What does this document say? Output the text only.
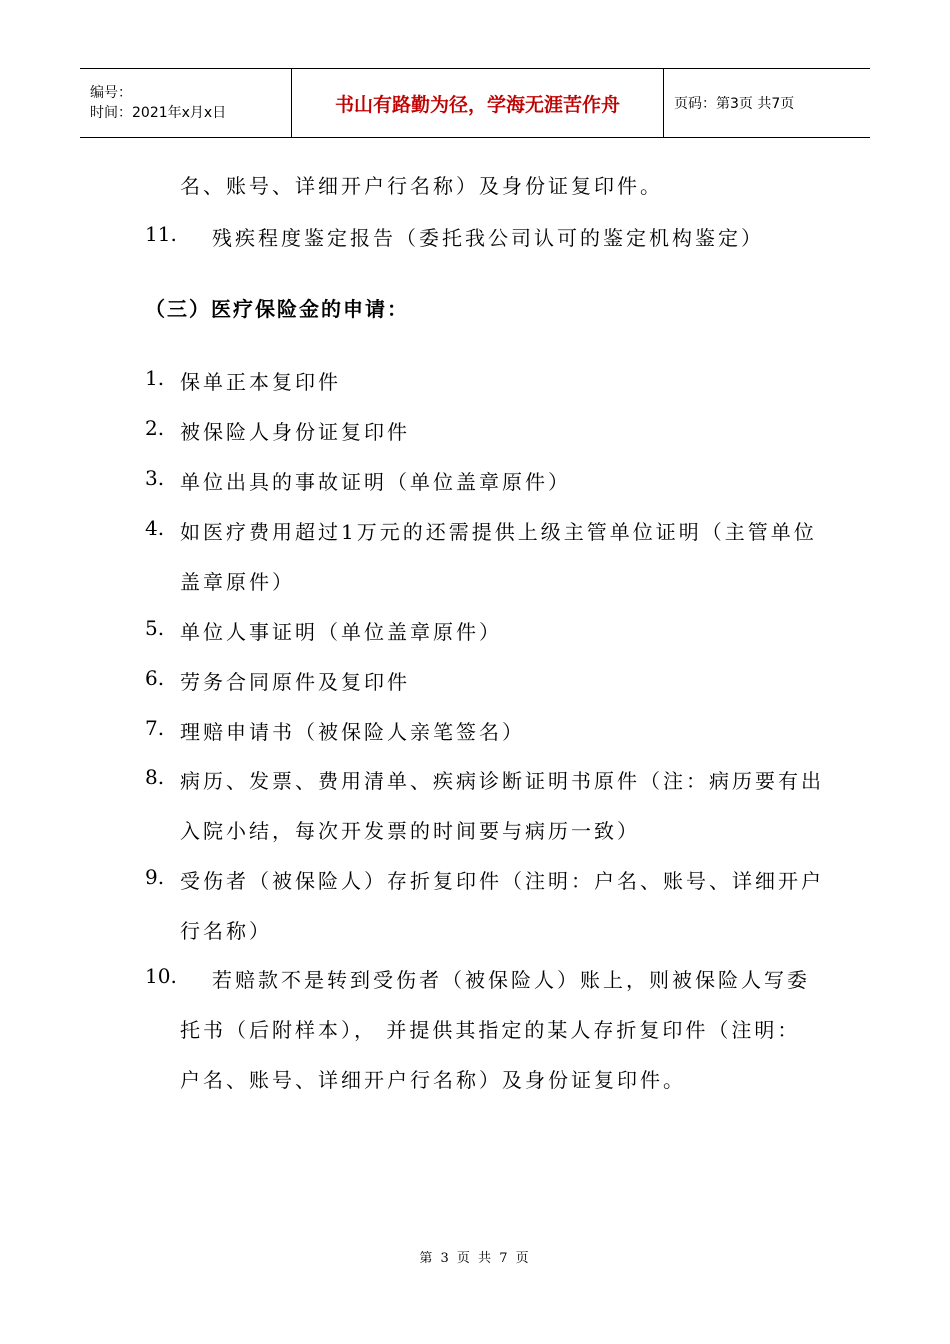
编号：
时间：2021年x月x日	书山有路勤为径，学海无涯苦作舟	页码：第3页 共7页
名、账号、详细开户行名称）及身份证复印件。
11. 残疾程度鉴定报告（委托我公司认可的鉴定机构鉴定）
（三）医疗保险金的申请：
1. 保单正本复印件
2. 被保险人身份证复印件
3. 单位出具的事故证明（单位盖章原件）
4. 如医疗费用超过1万元的还需提供上级主管单位证明（主管单位
盖章原件）
5. 单位人事证明（单位盖章原件）
6. 劳务合同原件及复印件
7. 理赔申请书（被保险人亲笔签名）
8. 病历、发票、费用清单、疾病诊断证明书原件（注：病历要有出
入院小结，每次开发票的时间要与病历一致）
9. 受伤者（被保险人）存折复印件（注明：户名、账号、详细开户
行名称）
10. 若赔款不是转到受伤者（被保险人）账上，则被保险人写委
托书（后附样本）， 并提供其指定的某人存折复印件（注明：
户名、账号、详细开户行名称）及身份证复印件。
第 3 页 共 7 页
